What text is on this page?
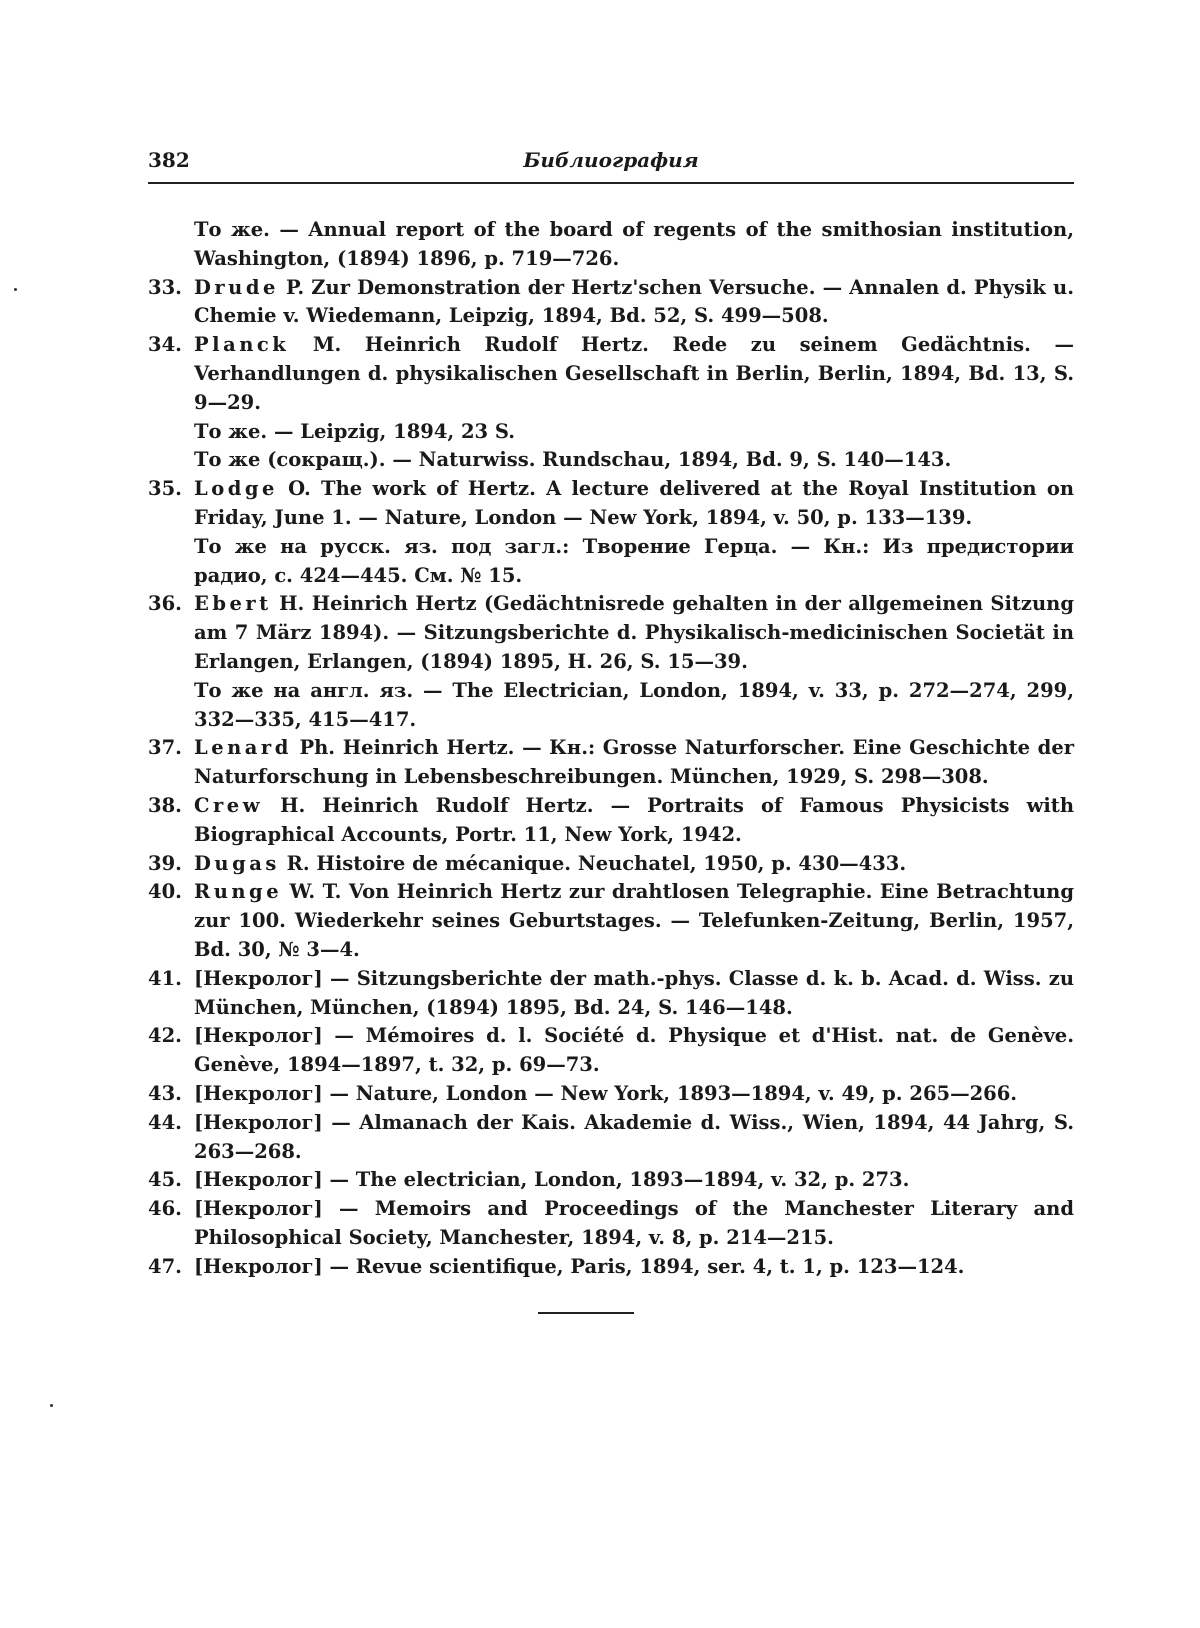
382	Библиография
То же. — Annual report of the board of regents of the smithosian institution, Washington, (1894) 1896, p. 719—726.
33. Drude P. Zur Demonstration der Hertz'schen Versuche. — Annalen d. Physik u. Chemie v. Wiedemann, Leipzig, 1894, Bd. 52, S. 499—508.
34. Planck M. Heinrich Rudolf Hertz. Rede zu seinem Gedächtnis. — Verhandlungen d. physikalischen Gesellschaft in Berlin, Berlin, 1894, Bd. 13, S. 9—29.
То же. — Leipzig, 1894, 23 S.
То же (сокращ.). — Naturwiss. Rundschau, 1894, Bd. 9, S. 140—143.
35. Lodge O. The work of Hertz. A lecture delivered at the Royal Institution on Friday, June 1. — Nature, London — New York, 1894, v. 50, p. 133—139.
То же на русск. яз. под загл.: Творение Герца. — Кн.: Из предистории радио, с. 424—445. См. № 15.
36. Ebert H. Heinrich Hertz (Gedächtnisrede gehalten in der allgemeinen Sitzung am 7 März 1894). — Sitzungsberichte d. Physikalisch-medicinischen Societät in Erlangen, Erlangen, (1894) 1895, H. 26, S. 15—39.
То же на англ. яз. — The Electrician, London, 1894, v. 33, p. 272—274, 299, 332—335, 415—417.
37. Lenard Ph. Heinrich Hertz. — Кн.: Grosse Naturforscher. Eine Geschichte der Naturforschung in Lebensbeschreibungen. München, 1929, S. 298—308.
38. Crew H. Heinrich Rudolf Hertz. — Portraits of Famous Physicists with Biographical Accounts, Portr. 11, New York, 1942.
39. Dugas R. Histoire de mécanique. Neuchatel, 1950, p. 430—433.
40. Runge W. T. Von Heinrich Hertz zur drahtlosen Telegraphie. Eine Betrachtung zur 100. Wiederkehr seines Geburtstages. — Telefunken-Zeitung, Berlin, 1957, Bd. 30, № 3—4.
41. [Некролог] — Sitzungsberichte der math.-phys. Classe d. k. b. Acad. d. Wiss. zu München, München, (1894) 1895, Bd. 24, S. 146—148.
42. [Некролог] — Mémoires d. l. Société d. Physique et d'Hist. nat. de Genève. Genève, 1894—1897, t. 32, p. 69—73.
43. [Некролог] — Nature, London — New York, 1893—1894, v. 49, p. 265—266.
44. [Некролог] — Almanach der Kais. Akademie d. Wiss., Wien, 1894, 44 Jahrg, S. 263—268.
45. [Некролог] — The electrician, London, 1893—1894, v. 32, p. 273.
46. [Некролог] — Memoirs and Proceedings of the Manchester Literary and Philosophical Society, Manchester, 1894, v. 8, p. 214—215.
47. [Некролог] — Revue scientifique, Paris, 1894, ser. 4, t. 1, p. 123—124.
